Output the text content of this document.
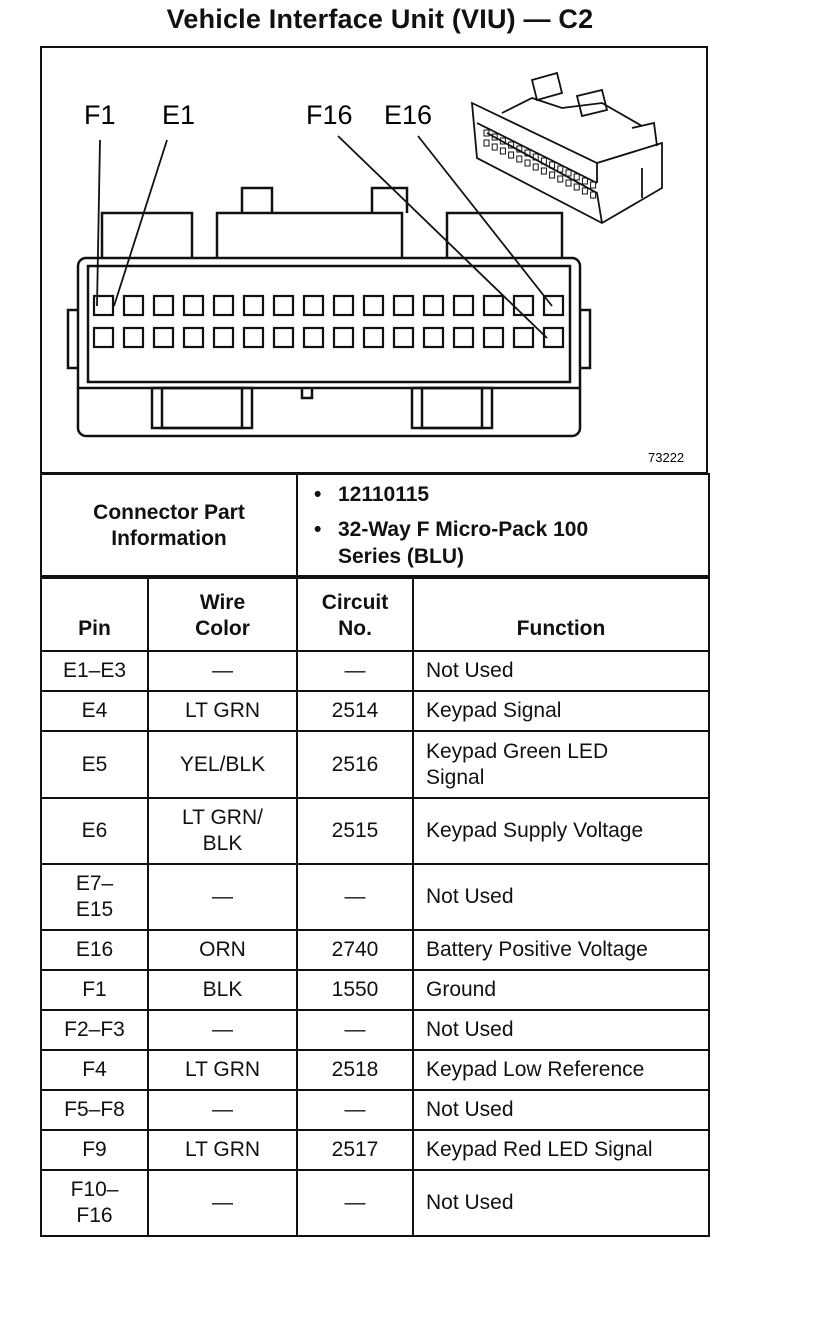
Vehicle Interface Unit (VIU) — C2
F1 E1	F16 E16
73222
Connector Part Information	
• 12110115
• 32-Way F Micro-Pack 100 Series (BLU)
Pin	Wire Color	Circuit No.	Function
E1–E3	—	—	Not Used
E4	LT GRN	2514	Keypad Signal
E5	YEL/BLK	2516	Keypad Green LED Signal
E6	LT GRN/ BLK	2515	Keypad Supply Voltage
E7– E15	—	—	Not Used
E16	ORN	2740	Battery Positive Voltage
F1	BLK	1550	Ground
F2–F3	—	—	Not Used
F4	LT GRN	2518	Keypad Low Reference
F5–F8	—	—	Not Used
F9	LT GRN	2517	Keypad Red LED Signal
F10– F16	—	—	Not Used
